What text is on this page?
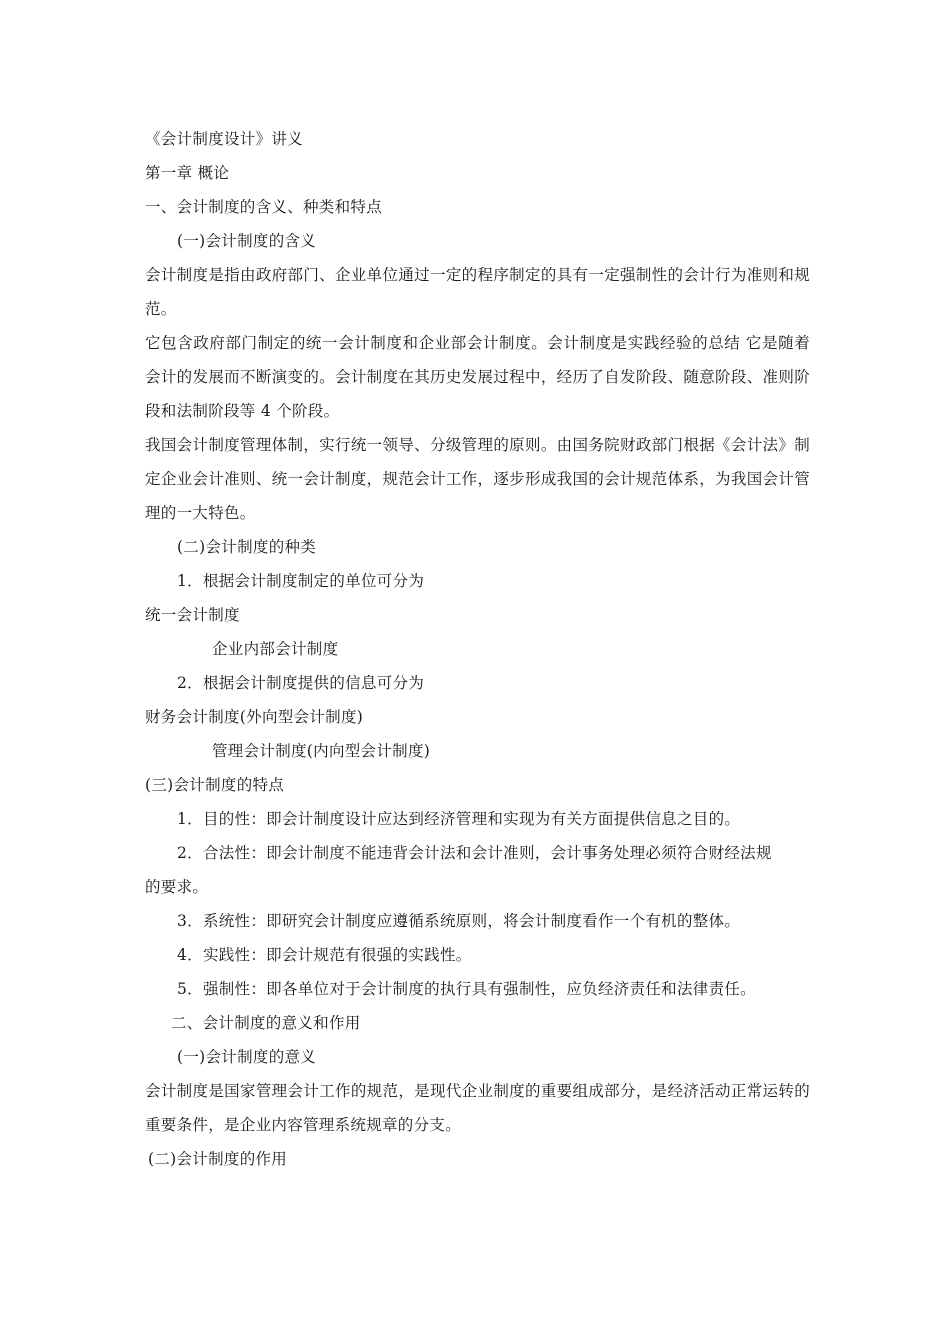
《会计制度设计》讲义

第一章 概论

一、会计制度的含义、种类和特点

(一)会计制度的含义

会计制度是指由政府部门、企业单位通过一定的程序制定的具有一定强制性的会计行为准则和规范。

它包含政府部门制定的统一会计制度和企业部会计制度。会计制度是实践经验的总结 它是随着会计的发展而不断演变的。会计制度在其历史发展过程中，经历了自发阶段、随意阶段、准则阶段和法制阶段等 4 个阶段。

我国会计制度管理体制，实行统一领导、分级管理的原则。由国务院财政部门根据《会计法》制定企业会计准则、统一会计制度，规范会计工作，逐步形成我国的会计规范体系，为我国会计管理的一大特色。

(二)会计制度的种类

1．根据会计制度制定的单位可分为

统一会计制度

企业内部会计制度

2．根据会计制度提供的信息可分为

财务会计制度(外向型会计制度)

管理会计制度(内向型会计制度)

(三)会计制度的特点

1．目的性：即会计制度设计应达到经济管理和实现为有关方面提供信息之目的。

2．合法性：即会计制度不能违背会计法和会计准则，会计事务处理必须符合财经法规

的要求。

3．系统性：即研究会计制度应遵循系统原则，将会计制度看作一个有机的整体。

4．实践性：即会计规范有很强的实践性。

5．强制性：即各单位对于会计制度的执行具有强制性，应负经济责任和法律责任。

二、会计制度的意义和作用

(一)会计制度的意义

会计制度是国家管理会计工作的规范，是现代企业制度的重要组成部分，是经济活动正常运转的重要条件，是企业内容管理系统规章的分支。

(二)会计制度的作用
